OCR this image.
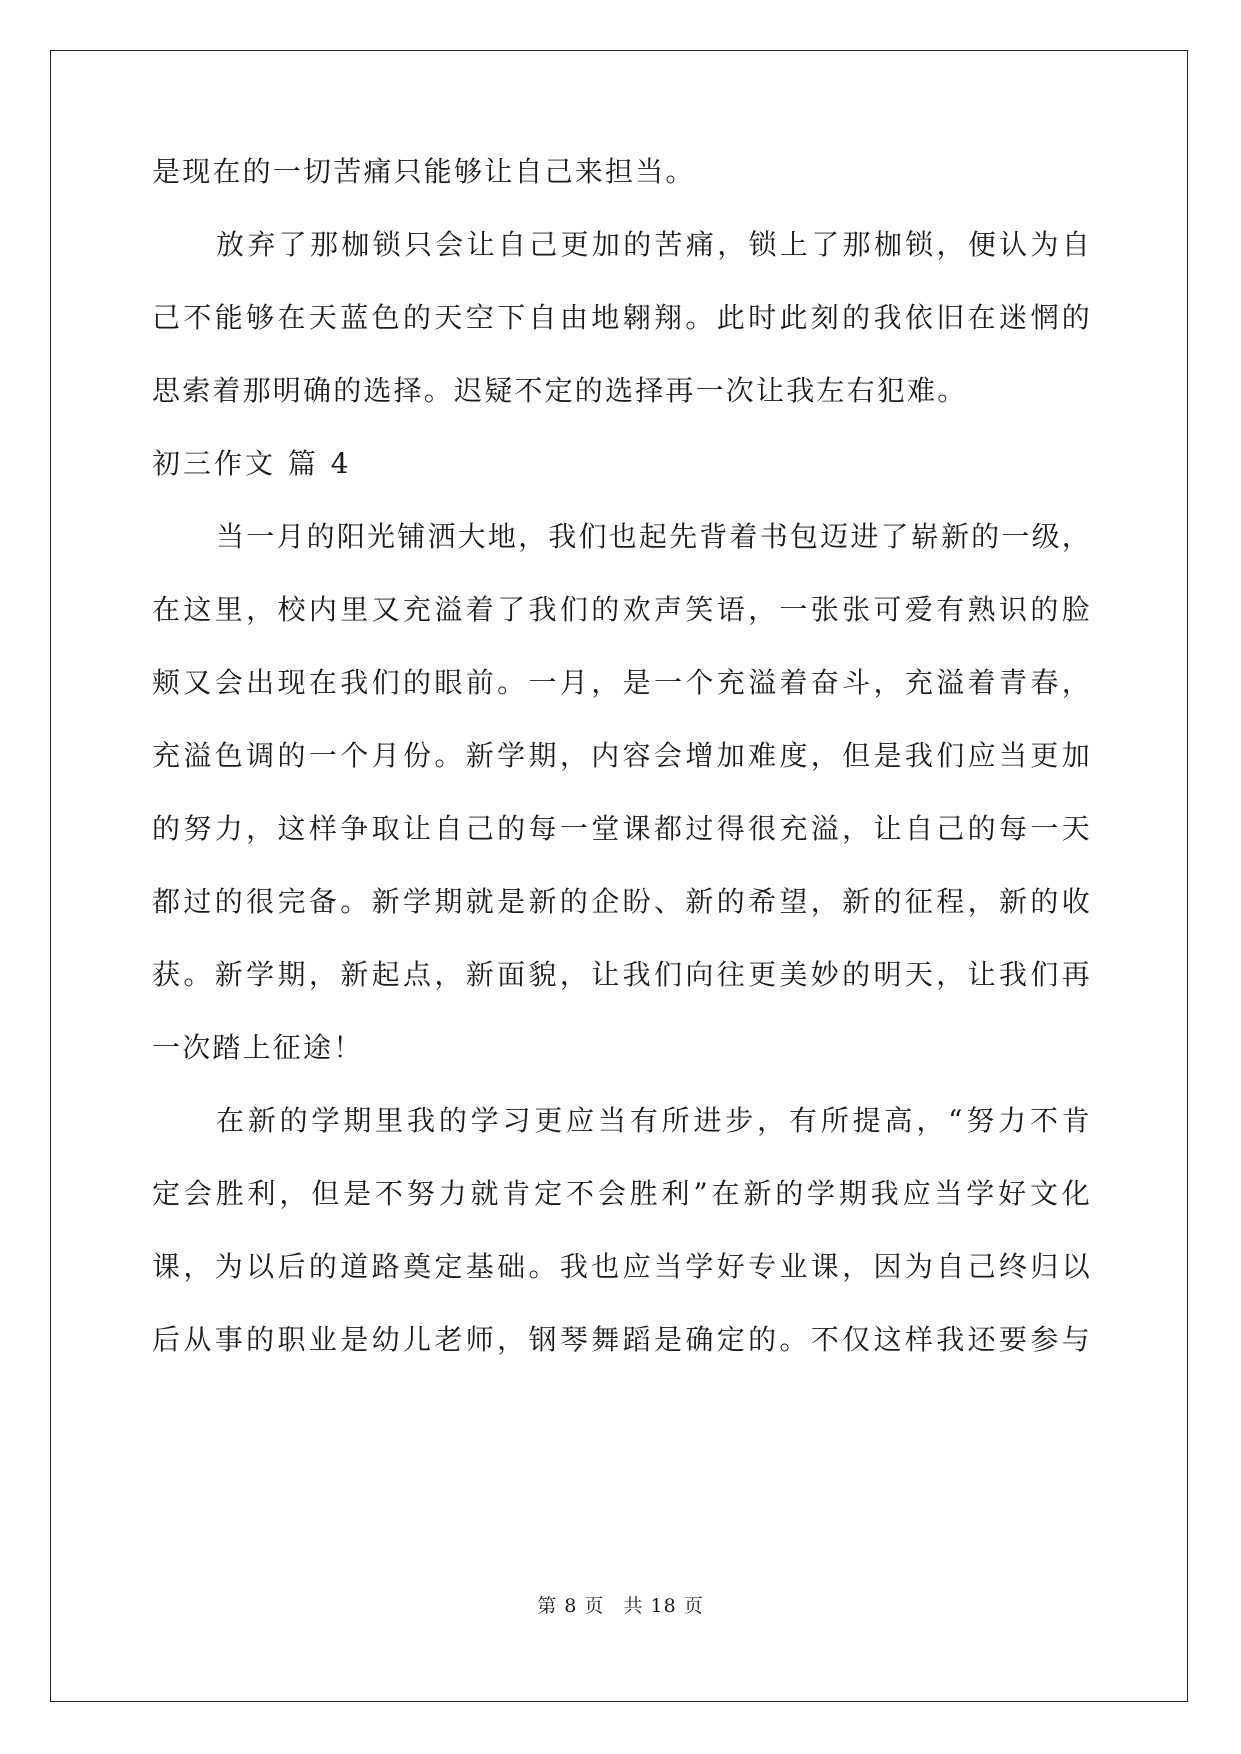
是现在的一切苦痛只能够让自己来担当。
放弃了那枷锁只会让自己更加的苦痛，锁上了那枷锁，便认为自
己不能够在天蓝色的天空下自由地翱翔。此时此刻的我依旧在迷惘的
思索着那明确的选择。迟疑不定的选择再一次让我左右犯难。
初三作文 篇 4
当一月的阳光铺洒大地，我们也起先背着书包迈进了崭新的一级，
在这里，校内里又充溢着了我们的欢声笑语，一张张可爱有熟识的脸
颊又会出现在我们的眼前。一月，是一个充溢着奋斗，充溢着青春，
充溢色调的一个月份。新学期，内容会增加难度，但是我们应当更加
的努力，这样争取让自己的每一堂课都过得很充溢，让自己的每一天
都过的很完备。新学期就是新的企盼、新的希望，新的征程，新的收
获。新学期，新起点，新面貌，让我们向往更美妙的明天，让我们再
一次踏上征途！
在新的学期里我的学习更应当有所进步，有所提高，“努力不肯
定会胜利，但是不努力就肯定不会胜利”在新的学期我应当学好文化
课，为以后的道路奠定基础。我也应当学好专业课，因为自己终归以
后从事的职业是幼儿老师，钢琴舞蹈是确定的。不仅这样我还要参与
第 8 页 共 18 页
